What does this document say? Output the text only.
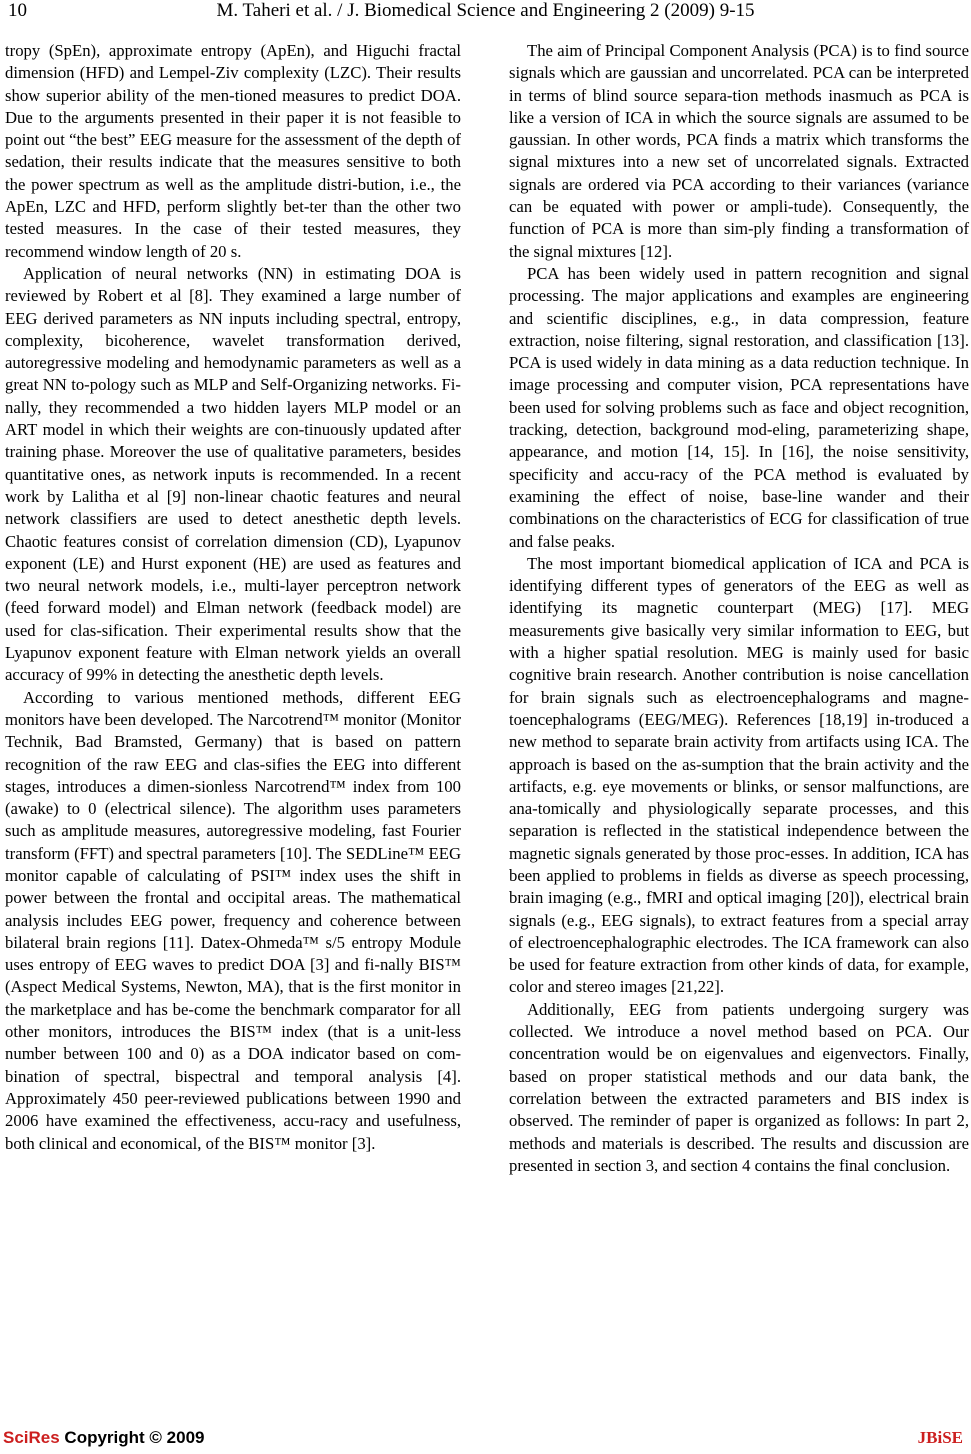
10	M. Taheri et al. / J. Biomedical Science and Engineering 2 (2009) 9-15

tropy (SpEn), approximate entropy (ApEn), and Higuchi fractal dimension (HFD) and Lempel-Ziv complexity (LZC). Their results show superior ability of the men-tioned measures to predict DOA. Due to the arguments presented in their paper it is not feasible to point out “the best” EEG measure for the assessment of the depth of sedation, their results indicate that the measures sensitive to both the power spectrum as well as the amplitude distri-bution, i.e., the ApEn, LZC and HFD, perform slightly bet-ter than the other two tested measures. In the case of their tested measures, they recommend window length of 20 s.

Application of neural networks (NN) in estimating DOA is reviewed by Robert et al [8]. They examined a large number of EEG derived parameters as NN inputs including spectral, entropy, complexity, bicoherence, wavelet transformation derived, autoregressive modeling and hemodynamic parameters as well as a great NN to-pology such as MLP and Self-Organizing networks. Fi-nally, they recommended a two hidden layers MLP model or an ART model in which their weights are con-tinuously updated after training phase. Moreover the use of qualitative parameters, besides quantitative ones, as network inputs is recommended. In a recent work by Lalitha et al [9] non-linear chaotic features and neural network classifiers are used to detect anesthetic depth levels. Chaotic features consist of correlation dimension (CD), Lyapunov exponent (LE) and Hurst exponent (HE) are used as features and two neural network models, i.e., multi-layer perceptron network (feed forward model) and Elman network (feedback model) are used for clas-sification. Their experimental results show that the Lyapunov exponent feature with Elman network yields an overall accuracy of 99% in detecting the anesthetic depth levels.

According to various mentioned methods, different EEG monitors have been developed. The Narcotrend™ monitor (Monitor Technik, Bad Bramsted, Germany) that is based on pattern recognition of the raw EEG and clas-sifies the EEG into different stages, introduces a dimen-sionless Narcotrend™ index from 100 (awake) to 0 (electrical silence). The algorithm uses parameters such as amplitude measures, autoregressive modeling, fast Fourier transform (FFT) and spectral parameters [10]. The SEDLine™ EEG monitor capable of calculating of PSI™ index uses the shift in power between the frontal and occipital areas. The mathematical analysis includes EEG power, frequency and coherence between bilateral brain regions [11]. Datex-Ohmeda™ s/5 entropy Module uses entropy of EEG waves to predict DOA [3] and fi-nally BIS™ (Aspect Medical Systems, Newton, MA), that is the first monitor in the marketplace and has be-come the benchmark comparator for all other monitors, introduces the BIS™ index (that is a unit-less number between 100 and 0) as a DOA indicator based on com-bination of spectral, bispectral and temporal analysis [4]. Approximately 450 peer-reviewed publications between 1990 and 2006 have examined the effectiveness, accu-racy and usefulness, both clinical and economical, of the BIS™ monitor [3].

The aim of Principal Component Analysis (PCA) is to find source signals which are gaussian and uncorrelated. PCA can be interpreted in terms of blind source separa-tion methods inasmuch as PCA is like a version of ICA in which the source signals are assumed to be gaussian. In other words, PCA finds a matrix which transforms the signal mixtures into a new set of uncorrelated signals. Extracted signals are ordered via PCA according to their variances (variance can be equated with power or ampli-tude). Consequently, the function of PCA is more than sim-ply finding a transformation of the signal mixtures [12].

PCA has been widely used in pattern recognition and signal processing. The major applications and examples are engineering and scientific disciplines, e.g., in data compression, feature extraction, noise filtering, signal restoration, and classification [13]. PCA is used widely in data mining as a data reduction technique. In image processing and computer vision, PCA representations have been used for solving problems such as face and object recognition, tracking, detection, background mod-eling, parameterizing shape, appearance, and motion [14, 15]. In [16], the noise sensitivity, specificity and accu-racy of the PCA method is evaluated by examining the effect of noise, base-line wander and their combinations on the characteristics of ECG for classification of true and false peaks.

The most important biomedical application of ICA and PCA is identifying different types of generators of the EEG as well as identifying its magnetic counterpart (MEG) [17]. MEG measurements give basically very similar information to EEG, but with a higher spatial resolution. MEG is mainly used for basic cognitive brain research. Another contribution is noise cancellation for brain signals such as electroencephalograms and magne-toencephalograms (EEG/MEG). References [18,19] in-troduced a new method to separate brain activity from artifacts using ICA. The approach is based on the as-sumption that the brain activity and the artifacts, e.g. eye movements or blinks, or sensor malfunctions, are ana-tomically and physiologically separate processes, and this separation is reflected in the statistical independence between the magnetic signals generated by those proc-esses. In addition, ICA has been applied to problems in fields as diverse as speech processing, brain imaging (e.g., fMRI and optical imaging [20]), electrical brain signals (e.g., EEG signals), to extract features from a special array of electroencephalographic electrodes. The ICA framework can also be used for feature extraction from other kinds of data, for example, color and stereo images [21,22].

Additionally, EEG from patients undergoing surgery was collected. We introduce a novel method based on PCA. Our concentration would be on eigenvalues and eigenvectors. Finally, based on proper statistical methods and our data bank, the correlation between the extracted parameters and BIS index is observed. The reminder of paper is organized as follows: In part 2, methods and materials is described. The results and discussion are presented in section 3, and section 4 contains the final conclusion.

SciRes Copyright © 2009	JBiSE
